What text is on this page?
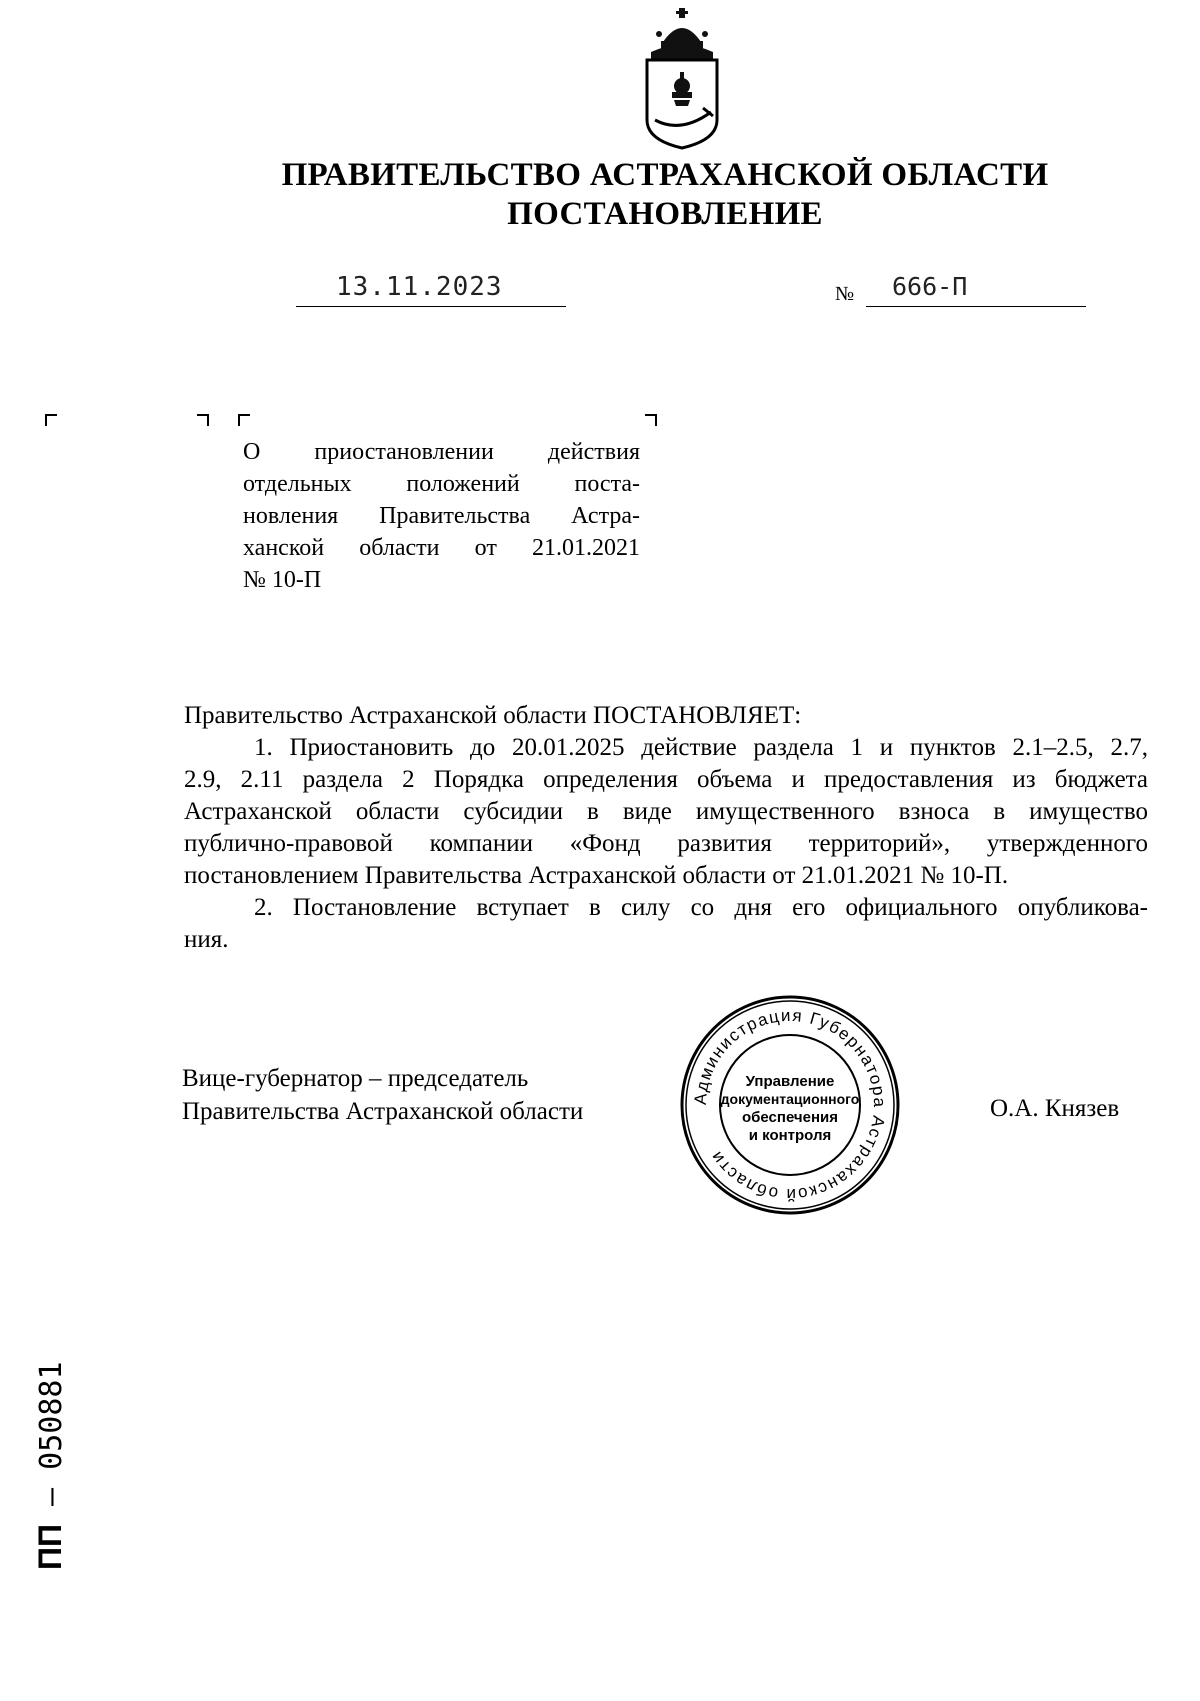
ПРАВИТЕЛЬСТВО АСТРАХАНСКОЙ ОБЛАСТИ
ПОСТАНОВЛЕНИЕ
13.11.2023	№ 666-П
О приостановлении действия
отдельных положений поста-
новления Правительства Астра-
ханской области от 21.01.2021
№ 10-П
Правительство Астраханской области ПОСТАНОВЛЯЕТ:
1. Приостановить до 20.01.2025 действие раздела 1 и пунктов 2.1–2.5, 2.7,
2.9, 2.11 раздела 2 Порядка определения объема и предоставления из бюджета
Астраханской области субсидии в виде имущественного взноса в имущество
публично-правовой компании «Фонд развития территорий», утвержденного
постановлением Правительства Астраханской области от 21.01.2021 № 10-П.
2. Постановление вступает в силу со дня его официального опубликова-
ния.
Вице-губернатор – председатель
Правительства Астраханской области	О.А. Князев
Администрация Губернатора Астраханской области
Управление
документационного
обеспечения
и контроля
ПП – 050881
